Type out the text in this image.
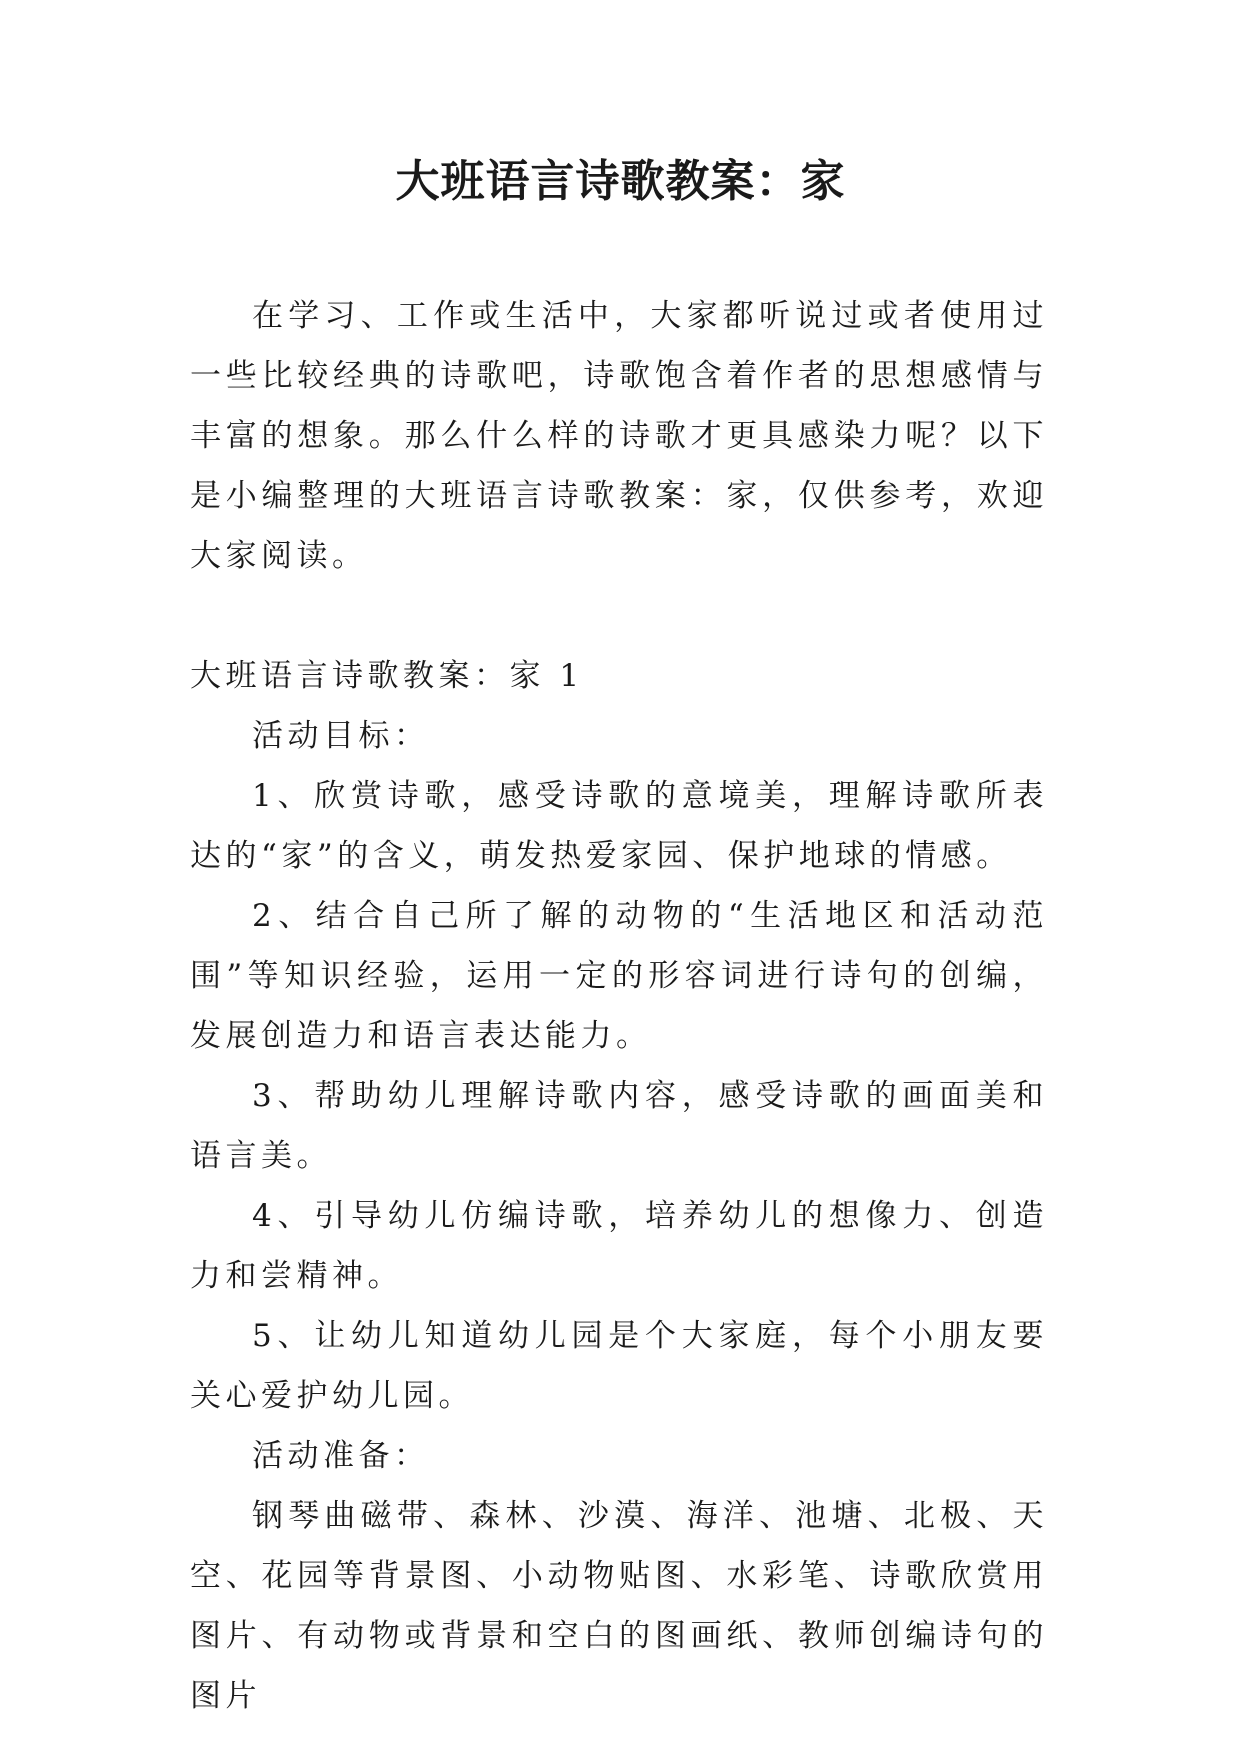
大班语言诗歌教案：家

在学习、工作或生活中，大家都听说过或者使用过一些比较经典的诗歌吧，诗歌饱含着作者的思想感情与丰富的想象。那么什么样的诗歌才更具感染力呢？以下是小编整理的大班语言诗歌教案：家，仅供参考，欢迎大家阅读。

大班语言诗歌教案：家 1

活动目标：

1、欣赏诗歌，感受诗歌的意境美，理解诗歌所表达的“家”的含义，萌发热爱家园、保护地球的情感。

2、结合自己所了解的动物的“生活地区和活动范围”等知识经验，运用一定的形容词进行诗句的创编，发展创造力和语言表达能力。

3、帮助幼儿理解诗歌内容，感受诗歌的画面美和语言美。

4、引导幼儿仿编诗歌，培养幼儿的想像力、创造力和尝精神。

5、让幼儿知道幼儿园是个大家庭，每个小朋友要关心爱护幼儿园。

活动准备：

钢琴曲磁带、森林、沙漠、海洋、池塘、北极、天空、花园等背景图、小动物贴图、水彩笔、诗歌欣赏用图片、有动物或背景和空白的图画纸、教师创编诗句的图片
